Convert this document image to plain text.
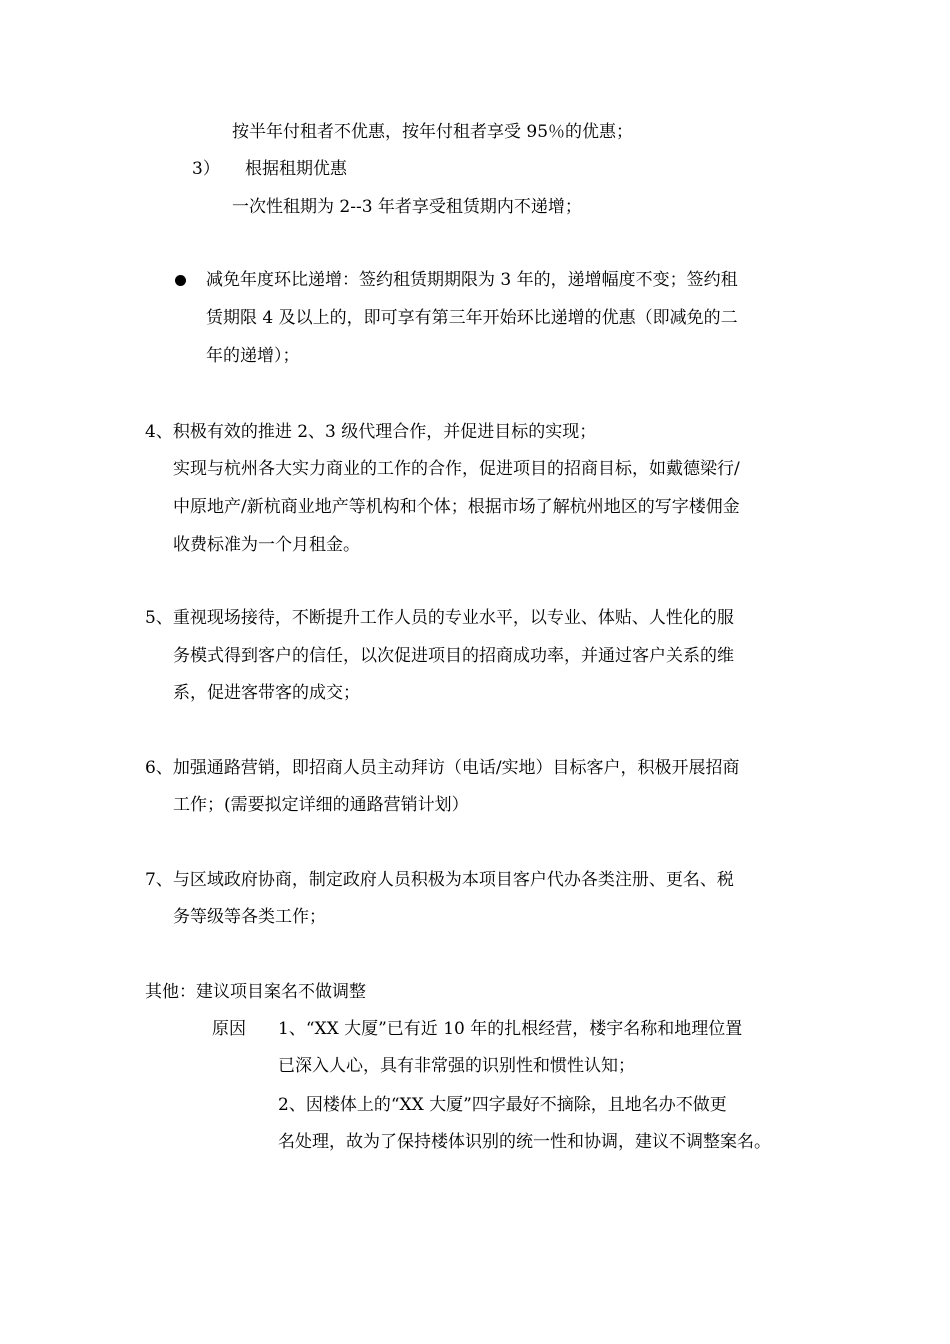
按半年付租者不优惠，按年付租者享受 95％的优惠；
3） 根据租期优惠
一次性租期为 2--3 年者享受租赁期内不递增；
减免年度环比递增：签约租赁期期限为 3 年的，递增幅度不变；签约租
赁期限 4 及以上的，即可享有第三年开始环比递增的优惠（即减免的二
年的递增）；
4、积极有效的推进 2、3 级代理合作，并促进目标的实现；
实现与杭州各大实力商业的工作的合作，促进项目的招商目标，如戴德梁行/
中原地产/新杭商业地产等机构和个体；根据市场了解杭州地区的写字楼佣金
收费标准为一个月租金。
5、重视现场接待，不断提升工作人员的专业水平，以专业、体贴、人性化的服
务模式得到客户的信任，以次促进项目的招商成功率，并通过客户关系的维
系，促进客带客的成交；
6、加强通路营销，即招商人员主动拜访（电话/实地）目标客户，积极开展招商
工作；(需要拟定详细的通路营销计划）
7、与区域政府协商，制定政府人员积极为本项目客户代办各类注册、更名、税
务等级等各类工作；
其他：建议项目案名不做调整
原因 1、“XX 大厦”已有近 10 年的扎根经营，楼宇名称和地理位置
已深入人心，具有非常强的识别性和惯性认知；
2、因楼体上的“XX 大厦”四字最好不摘除，且地名办不做更
名处理，故为了保持楼体识别的统一性和协调，建议不调整案名。
